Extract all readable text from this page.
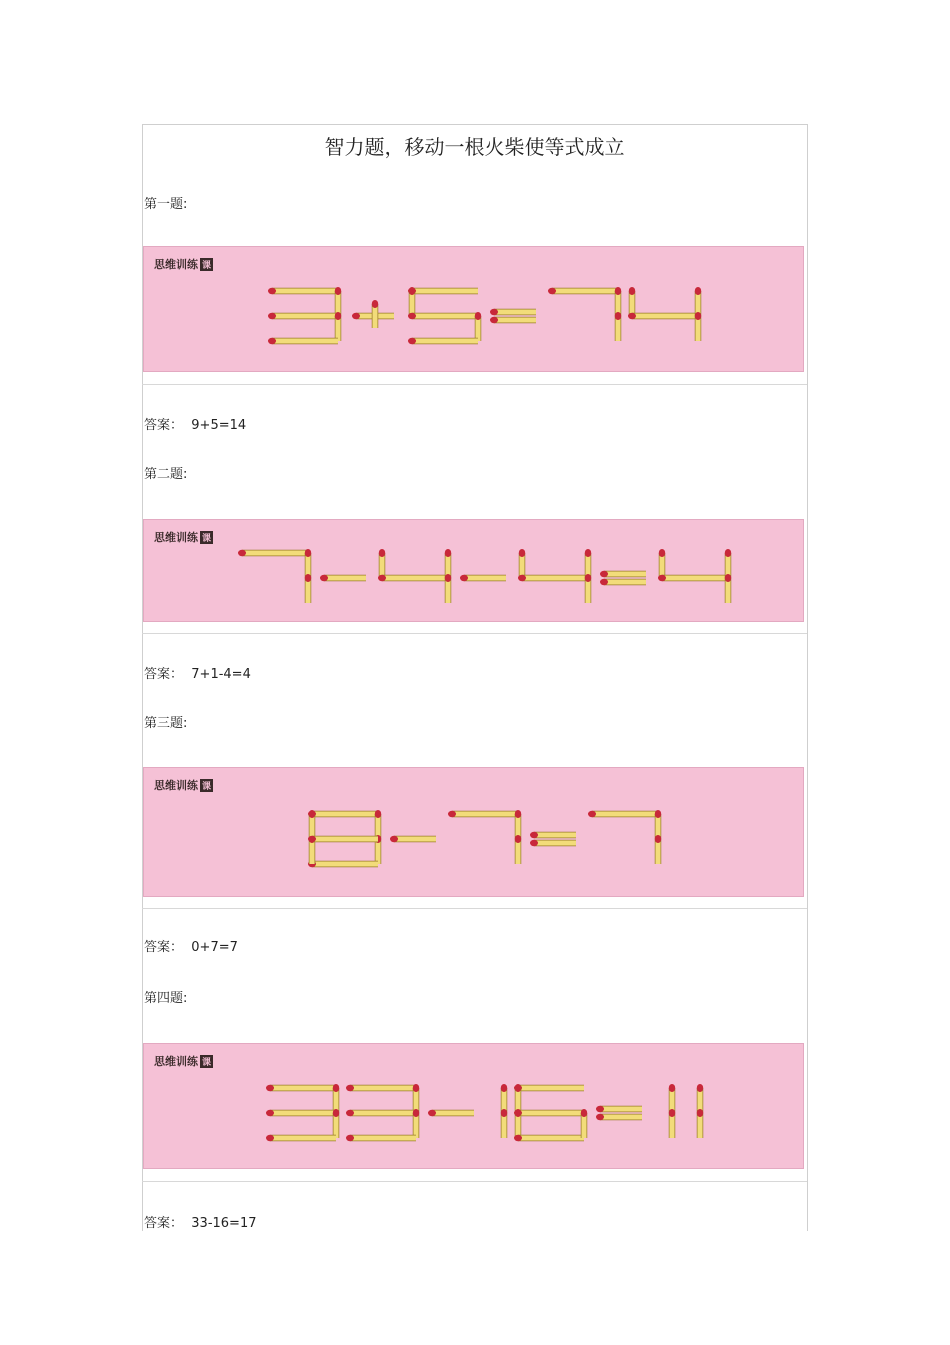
智力题，移动一根火柴使等式成立
第一题:
思维训练 课
答案： 9+5=14
第二题:
思维训练 课
答案： 7+1-4=4
第三题:
思维训练 课
答案： 0+7=7
第四题:
思维训练 课
答案： 33-16=17
